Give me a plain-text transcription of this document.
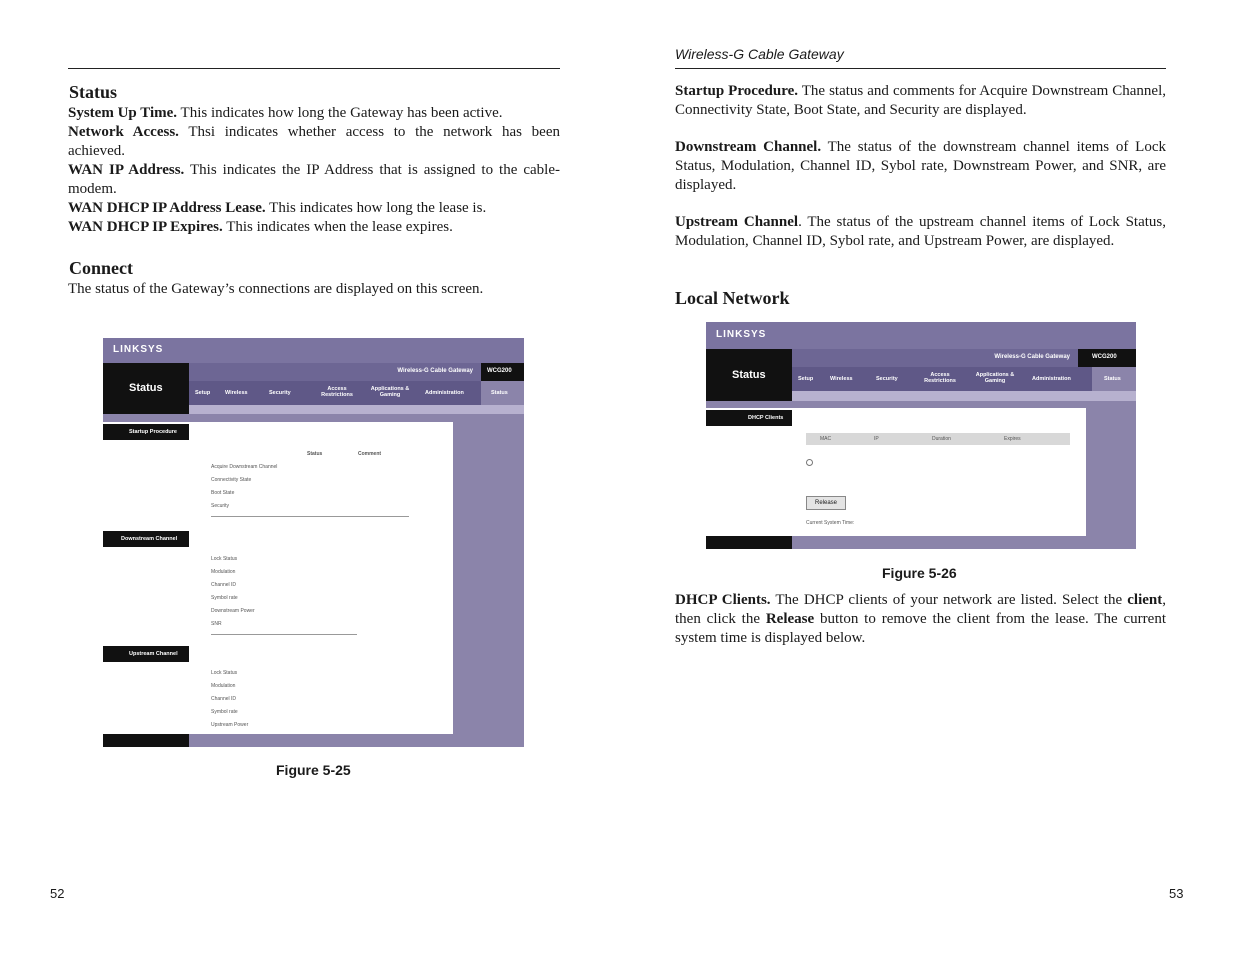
Status
System Up Time. This indicates how long the Gateway has been active.
Network Access. Thsi indicates whether access to the network has been achieved.
WAN IP Address. This indicates the IP Address that is assigned to the cable-modem.
WAN DHCP IP Address Lease. This indicates how long the lease is.
WAN DHCP IP Expires. This indicates when the lease expires.
Connect
The status of the Gateway’s connections are displayed on this screen.
LINKSYS
Status
Wireless-G Cable Gateway WCG200
Setup	Wireless	Security
Access Restrictions
Applications & Gaming	Administration	Status
Startup Procedure
Downstream Channel
Upstream Channel
Status	Comment
Acquire Downstream Channel
Connectivity State
Boot State
Security
Lock Status
Modulation
Channel ID
Symbol rate
Downstream Power
SNR
Lock Status
Modulation
Channel ID
Symbol rate
Upstream Power
Figure 5-25
52
Wireless-G Cable Gateway
Startup Procedure. The status and comments for Acquire Downstream Channel, Connectivity State, Boot State, and Security are displayed.
Downstream Channel. The status of the downstream channel items of Lock Status, Modulation, Channel ID, Sybol rate, Downstream Power, and SNR, are displayed.
Upstream Channel. The status of the upstream channel items of Lock Status, Modulation, Channel ID, Sybol rate, and Upstream Power, are displayed.
Local Network
LINKSYS
Status
Wireless-G Cable Gateway	WCG200
Setup	Wireless	Security
Access Restrictions
Applications & Gaming	Administration	Status
DHCP Clients
MAC	IP	Duration	Expires
Release
Current System Time:
Figure 5-26
DHCP Clients. The DHCP clients of your network are listed. Select the client, then click the Release button to remove the client from the lease. The current system time is displayed below.
53
